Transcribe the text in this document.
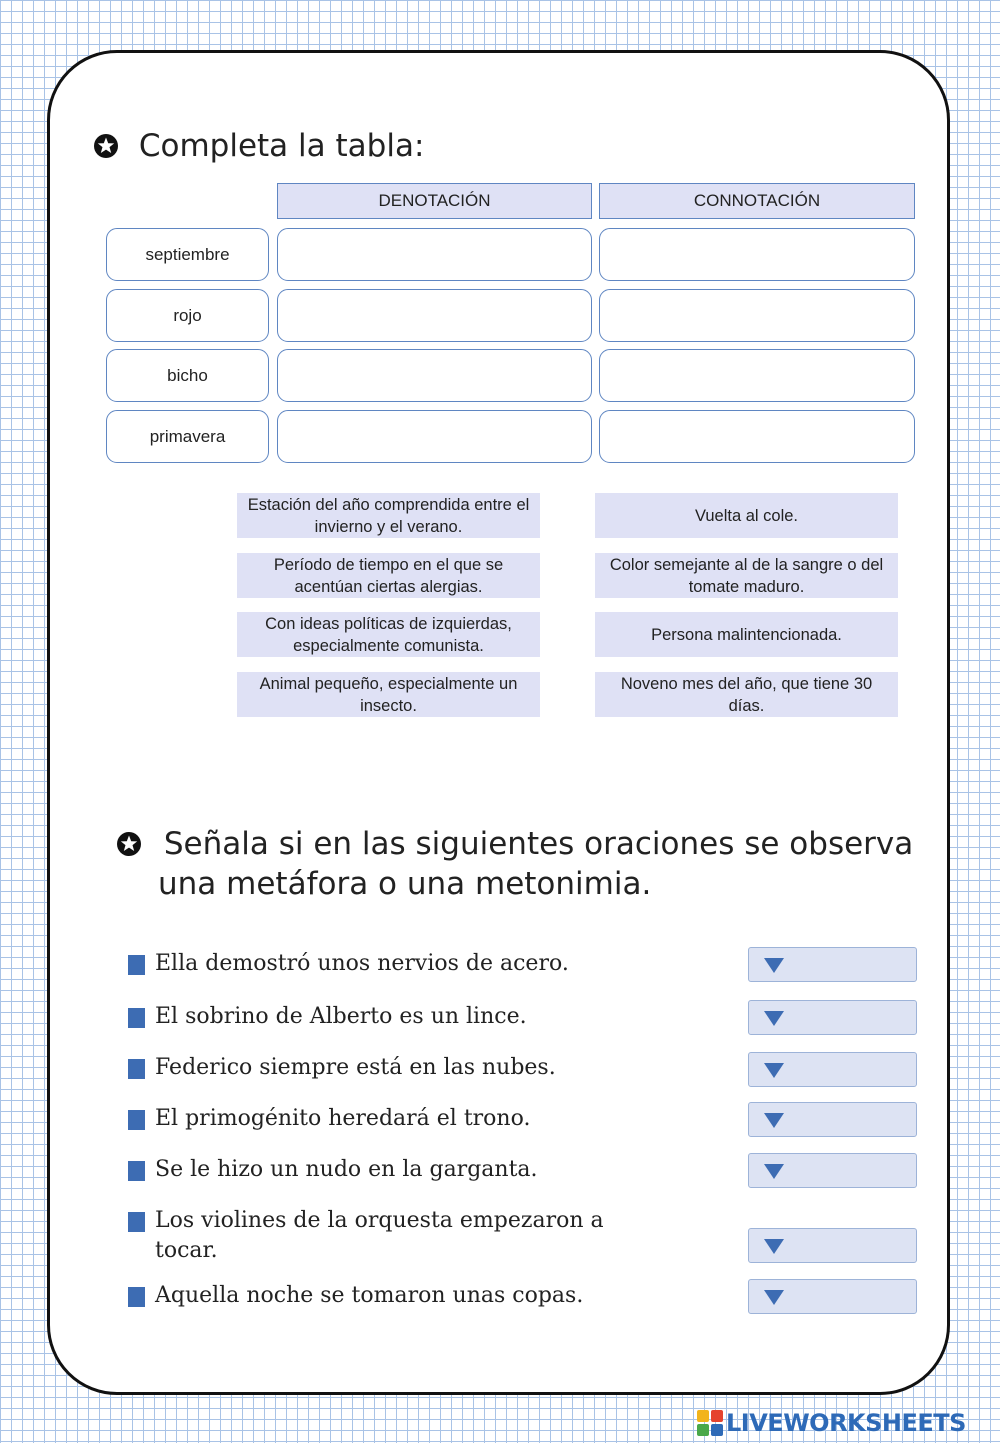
Completa la tabla:
DENOTACIÓN	CONNOTACIÓN
septiembre
rojo
bicho
primavera
Estación del año comprendida entre el invierno y el verano.
Período de tiempo en el que se acentúan ciertas alergias.
Con ideas políticas de izquierdas, especialmente comunista.
Animal pequeño, especialmente un insecto.
Vuelta al cole.
Color semejante al de la sangre o del tomate maduro.
Persona malintencionada.
Noveno mes del año, que tiene 30 días.
Señala si en las siguientes oraciones se observa
una metáfora o una metonimia.
Ella demostró unos nervios de acero.
El sobrino de Alberto es un lince.
Federico siempre está en las nubes.
El primogénito heredará el trono.
Se le hizo un nudo en la garganta.
Los violines de la orquesta empezaron a tocar.
Aquella noche se tomaron unas copas.
LIVEWORKSHEETS
